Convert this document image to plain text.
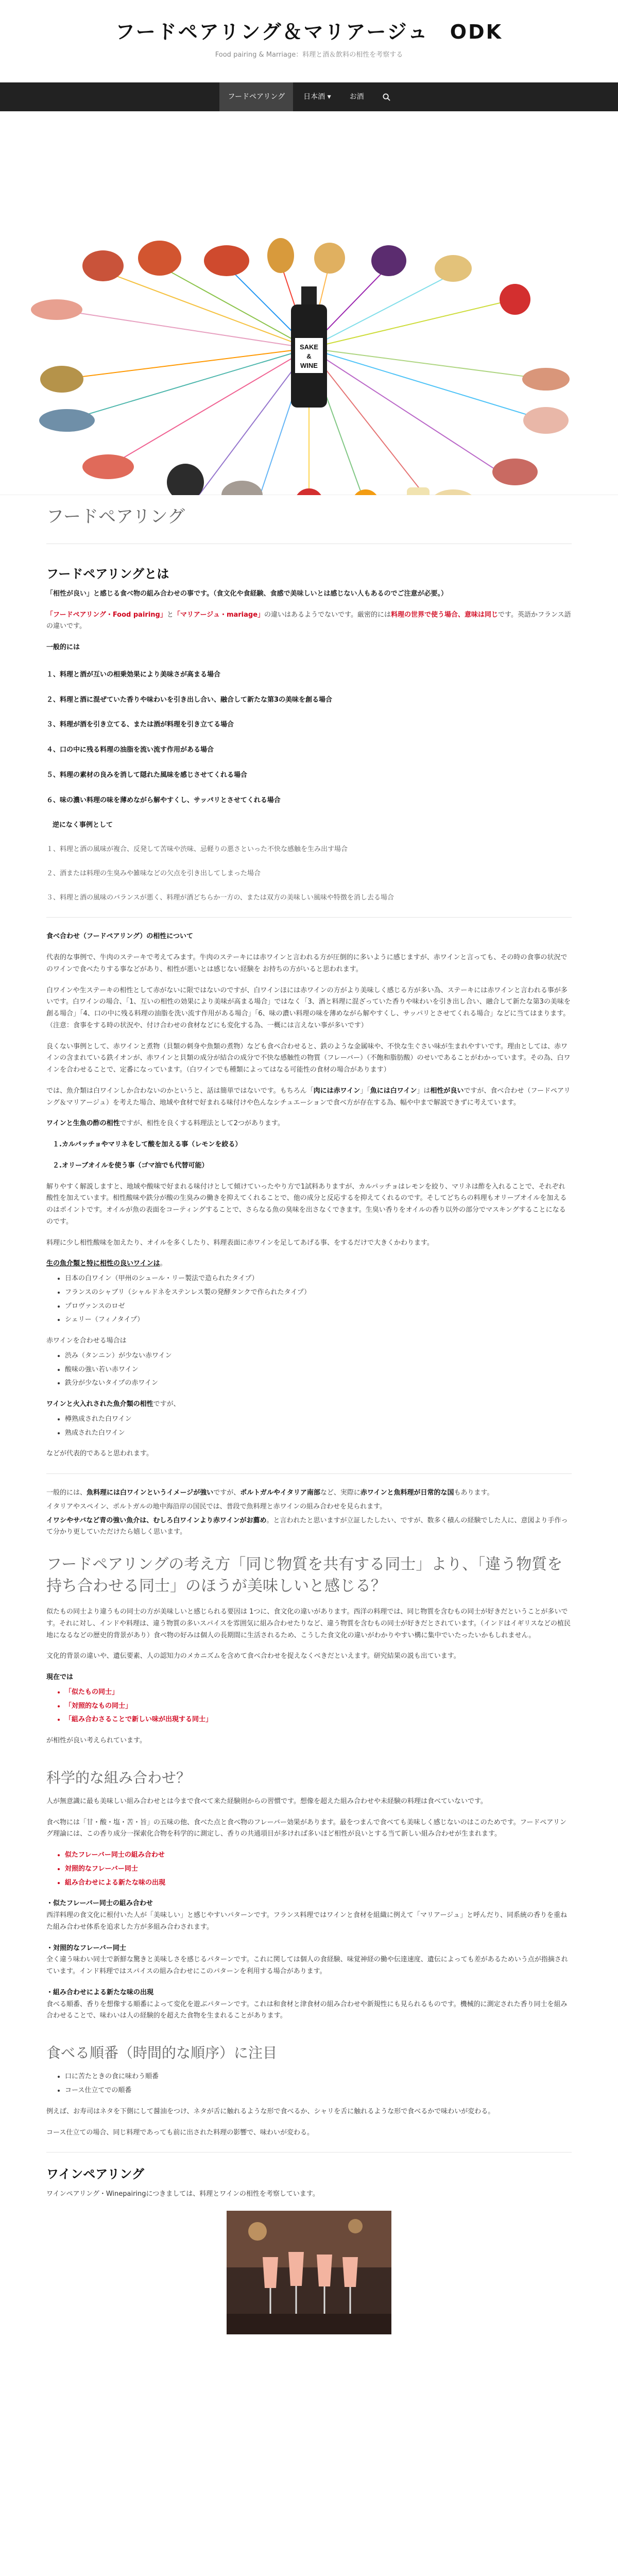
フードペアリング＆マリアージュ　ODK
Food pairing & Marriage：料理と酒＆飲料の相性を考察する
フードペアリング	日本酒 ▾	お酒
SAKE
&
WINE
フードペアリング
フードペアリングとは

「相性が良い」と感じる食べ物の組み合わせの事です。（食文化や食経験、食感で美味しいとは感じない人もあるのでご注意が必要。）

「フードペアリング・Food pairing」と「マリアージュ・mariage」の違いはあるようでないです。厳密的には料理の世界で使う場合、意味は同じです。英語かフランス語の違いです。

一般的には

１、料理と酒が互いの相乗効果により美味さが高まる場合

２、料理と酒に混ぜていた香りや味わいを引き出し合い、融合して新たな第3の美味を創る場合

３、料理が酒を引き立てる、または酒が料理を引き立てる場合

４、口の中に残る料理の油脂を流い流す作用がある場合

５、料理の素材の良みを消して隠れた風味を感じさせてくれる場合

６、味の濃い料理の味を薄めながら解やすくし、サッパリとさせてくれる場合

逆になく事例として

１、料理と酒の風味が複合、反発して苦味や渋味、忌軽りの悪さといった不快な感触を生み出す場合

２、酒または料理の生臭みや雑味などの欠点を引き出してしまった場合

３、料理と酒の風味のバランスが悪く、料理が酒どちらか一方の、または双方の美味しい風味や特徴を消し去る場合

食べ合わせ（フードペアリング）の相性について

代表的な事例で、牛肉のステーキで考えてみます。牛肉のステーキには赤ワインと言われる方が圧倒的に多いように感じますが、赤ワインと言っても、その時の食事の状況でのワインで食べたりする事などがあり、相性が悪いとは感じない経験を お持ちの方がいると思われます。

白ワインや生ステーキの相性として赤がないに限ではないのですが、白ワインほには赤ワインの方がより美味しく感じる方が多い為、ステーキには赤ワインと言われる事が多いです。白ワインの場合、「1、互いの相性の効果により美味が高まる場合」ではなく「3、酒と料理に混ざっていた香りや味わいを引き出し合い、融合して新たな第3の美味を創る場合」「4、口の中に残る料理の油脂を洗い流す作用がある場合」「6、味の濃い料理の味を薄めながら解やすくし、サッパリとさせてくれる場合」などに当てはまります。（注意：食事をする時の状況や、付け合わせの食材などにも変化する為、一概には言えない事が多いです）

良くない事例として、赤ワインと煮物（貝類の刺身や魚類の煮物）なども食べ合わせると、鉄のような金属味や、不快な生ぐさい味が生まれやすいです。理由としては、赤ワインの含まれている鉄イオンが、赤ワインと貝類の成分が結合の成分で不快な感触性の物質（フレーバー）（不飽和脂肪酸）のせいであることがわかっています。その為、白ワインを合わせることで、定番になっています。（白ワインでも種類によってはなる可能性の食材の場合があります）

では、魚介類は白ワインしか合わないのかというと、話は簡単ではないです。もちろん「肉には赤ワイン」「魚には白ワイン」は相性が良いですが、食べ合わせ（フードペアリング＆マリアージュ）を考えた場合、地域や食材で好まれる味付けや色んなシチュエーションで食べ方が存在する為、幅や中まで解説できずに考えています。

ワインと生魚の酢の相性ですが、相性を良くする料理法として2つがあります。

１.カルパッチョやマリネをして酸を加える事（レモンを絞る）

２.オリーブオイルを使う事（ゴマ油でも代替可能）

解りやすく解説しますと、地域や酸味で好まれる味付けとして傾けていったやり方で1試料ありますが、カルパッチョはレモンを絞り、マリネは酢を入れることで、それぞれ酸性を加えています。相性酸味や鉄分が酸の生臭みの働きを抑えてくれることで、他の成分と反応するを抑えてくれるのです。そしてどちらの料理もオリーブオイルを加えるのはポイントです。オイルが魚の表面をコーティングすることで、さらなる魚の臭味を出さなくできます。生臭い香りをオイルの香り以外の部分でマスキングすることになるのです。

料理に少し相性酸味を加えたり、オイルを多くしたり、料理表面に赤ワインを足してあげる事、をするだけで大きくかわります。

生の魚介類と特に相性の良いワインは。

• 日本の白ワイン（甲州のシュール・リー製法で造られたタイプ）
• フランスのシャブリ（シャルドネをステンレス製の発酵タンクで作られたタイプ）
• プロヴァンスのロゼ
• シェリー（フィノタイプ）

赤ワインを合わせる場合は

• 渋み（タンニン）が少ない赤ワイン
• 酸味の強い若い赤ワイン
• 鉄分が少ないタイプの赤ワイン

ワインと火入れされた魚介類の相性ですが、

• 樽熟成された白ワイン
• 熟成された白ワイン

などが代表的であると思われます。

一般的には、魚料理には白ワインというイメージが強いですが、ポルトガルやイタリア南部など、実際に赤ワインと魚料理が日常的な国もあります。

イタリアやスペイン、ポルトガルの地中海沿岸の国民では、普段で魚料理と赤ワインの組み合わせを見られます。

イワシやサバなど青の強い魚介は、むしろ白ワインより赤ワインがお薦め。と言われたと思いますが立証したしたい、ですが、数多く積んの経験でした人に、意図より手作って分かり更していただけたら嬉しく思います。

フードペアリングの考え方「同じ物質を共有する同士」より、「違う物質を持ち合わせる同士」のほうが美味しいと感じる？

似たもの同士より違うもの同士の方が美味しいと感じられる要因は 1つに、食文化の違いがあります。西洋の料理では、同じ物質を含むもの同士が好きだということが多いです。それに対し、インドや料理は、違う物質の多いスパイスを雰囲気に組み合わせたりなど、違う物質を含むもの同士が好きだとされています。（インドはイギリスなどの植民地になるなどの歴史的背景があり）食べ物の好みは個人の長期間に生活されるため、こうした食文化の違いがわかりやすい構に集中でいたったいかもしれません。

文化的背景の違いや、遺伝要素、人の認知力のメカニズムを含めて食べ合わせを捉えなくべきだといえます。研究結果の説も出ています。

現在では

• 「似たもの同士」
• 「対照的なもの同士」
• 「組み合わさることで新しい味が出現する同士」

が相性が良い考えられています。

科学的な組み合わせ？

人が無意識に最も美味しい組み合わせとは今まで食べて来た経験則からの習慣です。想像を超えた組み合わせや未経験の料理は食べていないです。

食べ物には「甘・酸・塩・苦・旨」の五味の他、食べた点と食べ物のフレーバー効果があります。最をつまんで食べても美味しく感じないのはこのためです。フードペアリング理論には、この香り成分一探索化合物を科学的に測定し、香りの共通項目が多ければ多いほど相性が良いとする当て新しい組み合わせが生まれます。

• 似たフレーバー同士の組み合わせ
• 対照的なフレーバー同士
• 組み合わせによる新たな味の出現

・似たフレーバー同士の組み合わせ

西洋料理の食文化に根付いた人が「美味しい」と感じやすいパターンです。フランス料理ではワインと食材を組織に例えて「マリアージュ」と呼んだり、同系統の香りを重ねた組み合わせ体系を追求した方が多組み合わされます。

・対照的なフレーバー同士

全く違う味わい同士で新鮮な驚きと美味しさを感じるパターンです。これに関しては個人の食経験、味覚神経の働や伝達速度、遺伝によっても差があるためいう点が指摘されています。インド料理ではスパイスの組み合わせにこのパターンを利用する場合があります。

・組み合わせによる新たな味の出現

食べる順番、香りを想像する順番によって変化を遊ぶパターンです。これは和食材と津食材の組み合わせや新規性にも見られるものです。機械的に測定された香り同士を組み合わせることで、味わいは人の経験的を超えた食物を生まれることがあります。

食べる順番（時間的な順序）に注目
• 口に苦たときの食に味わう順番
• コース仕立てでの順番

例えば、お寿司はネタを下側にして醤油をつけ、ネタが舌に触れるような形で食べるか、シャリを舌に触れるような形で食べるかで味わいが変わる。

コース仕立ての場合、同じ料理であっても前に出された料理の影響で、味わいが変わる。

ワインペアリング

ワインペアリング・Winepairingにつきましては、料理とワインの相性を考察しています。
